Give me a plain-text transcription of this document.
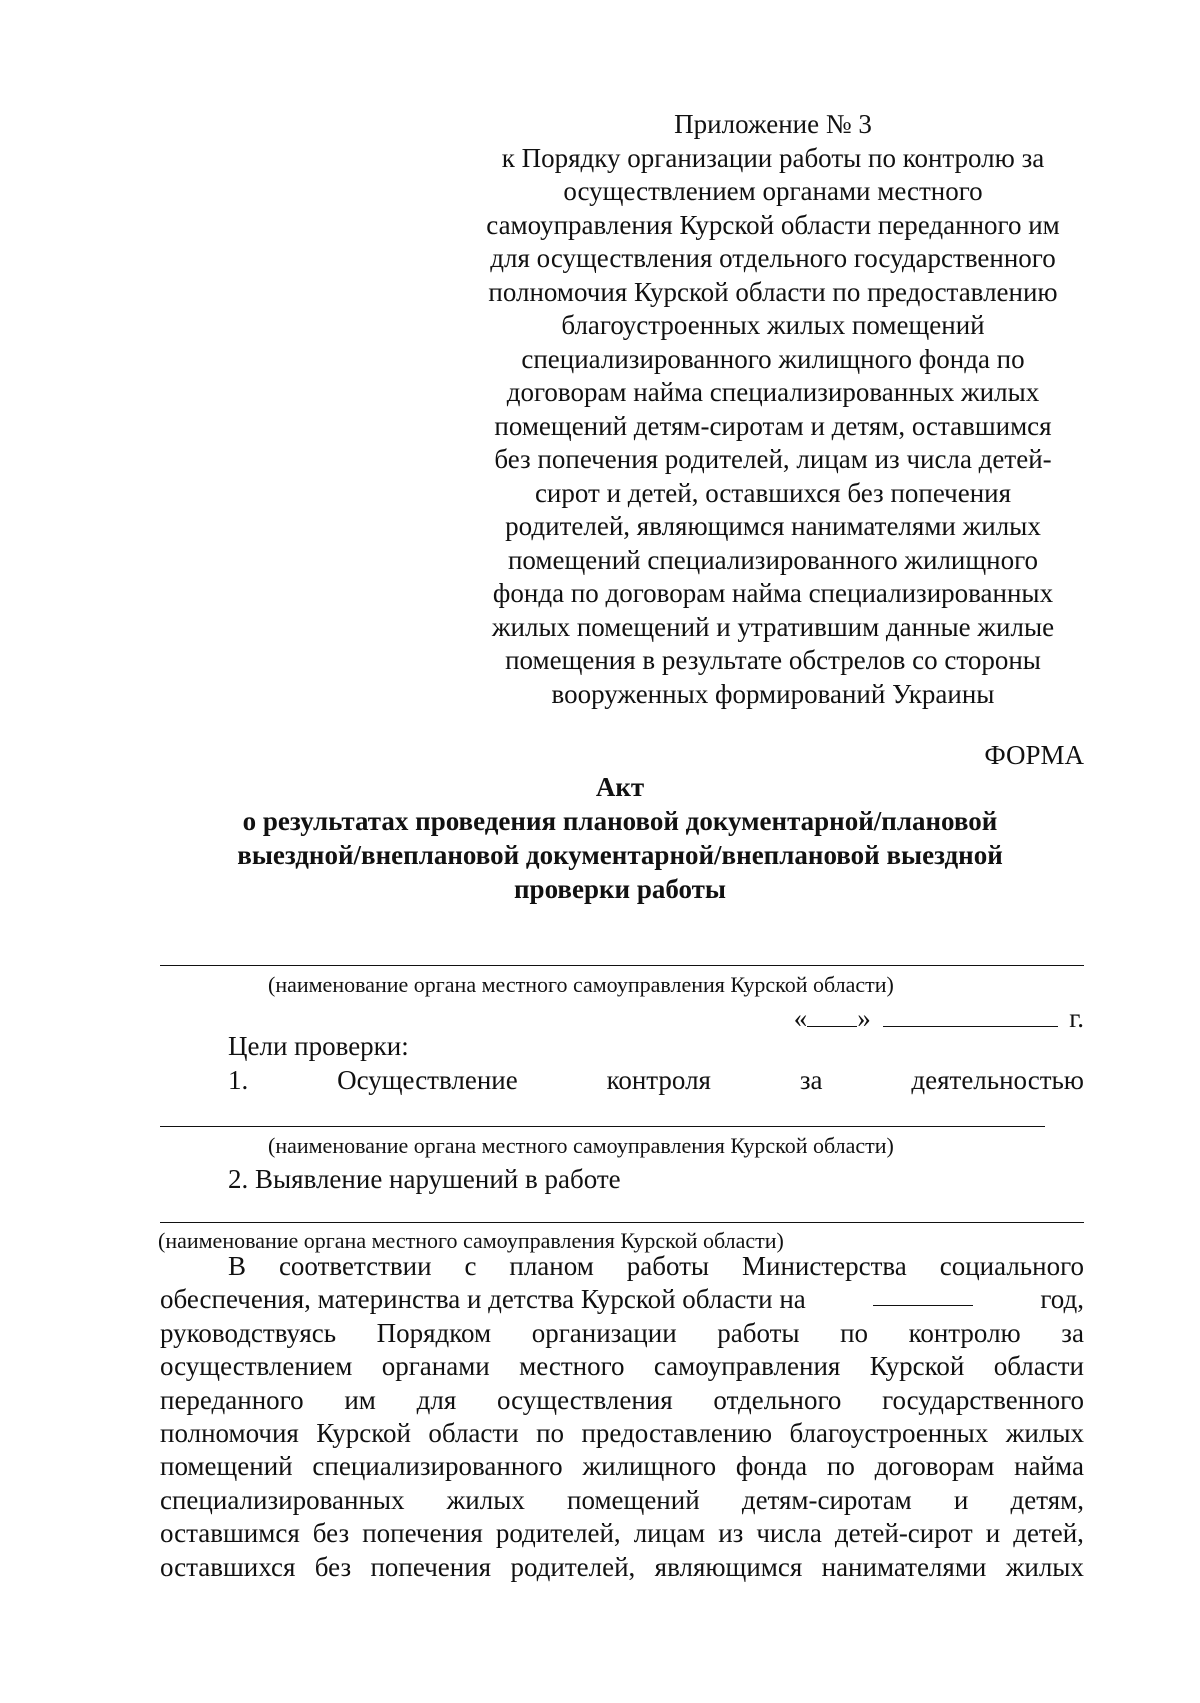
Приложение № 3
к Порядку организации работы по контролю за
осуществлением органами местного
самоуправления Курской области переданного им
для осуществления отдельного государственного
полномочия Курской области по предоставлению
благоустроенных жилых помещений
специализированного жилищного фонда по
договорам найма специализированных жилых
помещений детям-сиротам и детям, оставшимся
без попечения родителей, лицам из числа детей-
сирот и детей, оставшихся без попечения
родителей, являющимся нанимателями жилых
помещений специализированного жилищного
фонда по договорам найма специализированных
жилых помещений и утратившим данные жилые
помещения в результате обстрелов со стороны
вооруженных формирований Украины
ФОРМА
Акт
о результатах проведения плановой документарной/плановой
выездной/внеплановой документарной/внеплановой выездной
проверки работы
(наименование органа местного самоуправления Курской области)
« »	г.
Цели проверки:
1.	Осуществление	контроля	за	деятельностью
(наименование органа местного самоуправления Курской области)
2. Выявление нарушений в работе
(наименование органа местного самоуправления Курской области)
В соответствии с планом работы Министерства социального
обеспечения, материнства и детства Курской области на	год,
руководствуясь Порядком организации работы по контролю за
осуществлением органами местного самоуправления Курской области
переданного им для осуществления отдельного государственного
полномочия Курской области по предоставлению благоустроенных жилых
помещений специализированного жилищного фонда по договорам найма
специализированных жилых помещений детям-сиротам и детям,
оставшимся без попечения родителей, лицам из числа детей-сирот и детей,
оставшихся без попечения родителей, являющимся нанимателями жилых
